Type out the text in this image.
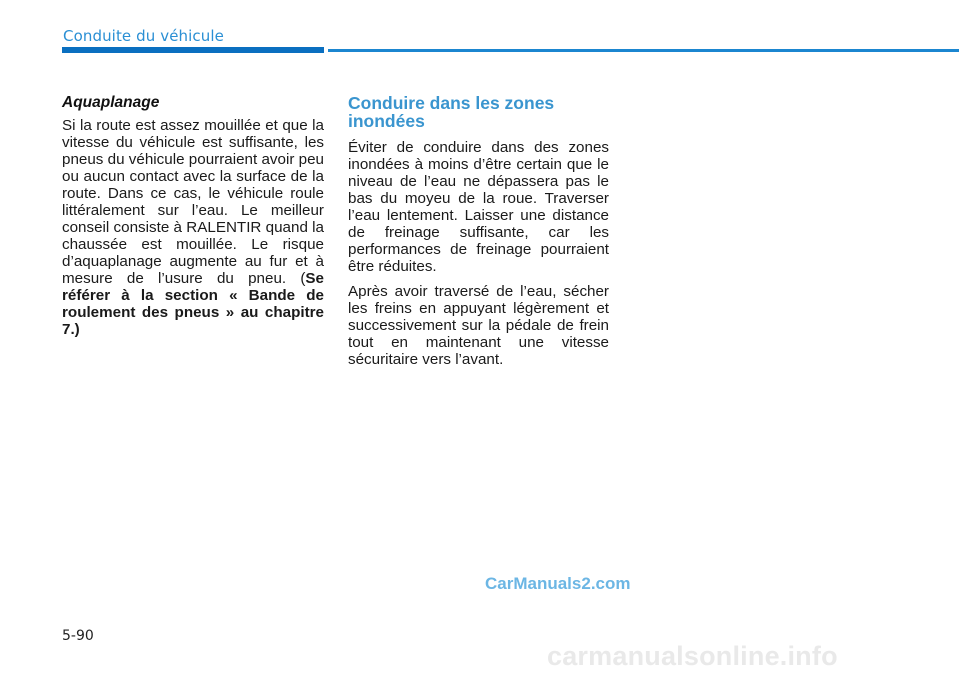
Conduite du véhicule
Aquaplanage

Si la route est assez mouillée et que la vitesse du véhicule est suffisante, les pneus du véhicule pourraient avoir peu ou aucun contact avec la surface de la route. Dans ce cas, le véhicule roule littéralement sur l’eau. Le meilleur conseil consiste à RALENTIR quand la chaussée est mouillée. Le risque d’aquaplanage augmente au fur et à mesure de l’usure du pneu. (Se référer à la section « Bande de roulement des pneus » au chapitre 7.)

Conduire dans les zones inondées

Éviter de conduire dans des zones inondées à moins d’être certain que le niveau de l’eau ne dépassera pas le bas du moyeu de la roue. Traverser l’eau lentement. Laisser une distance de freinage suffisante, car les performances de freinage pourraient être réduites.

Après avoir traversé de l’eau, sécher les freins en appuyant légèrement et successivement sur la pédale de frein tout en maintenant une vitesse sécuritaire vers l’avant.

CarManuals2.com
5-90
carmanualsonline.info
